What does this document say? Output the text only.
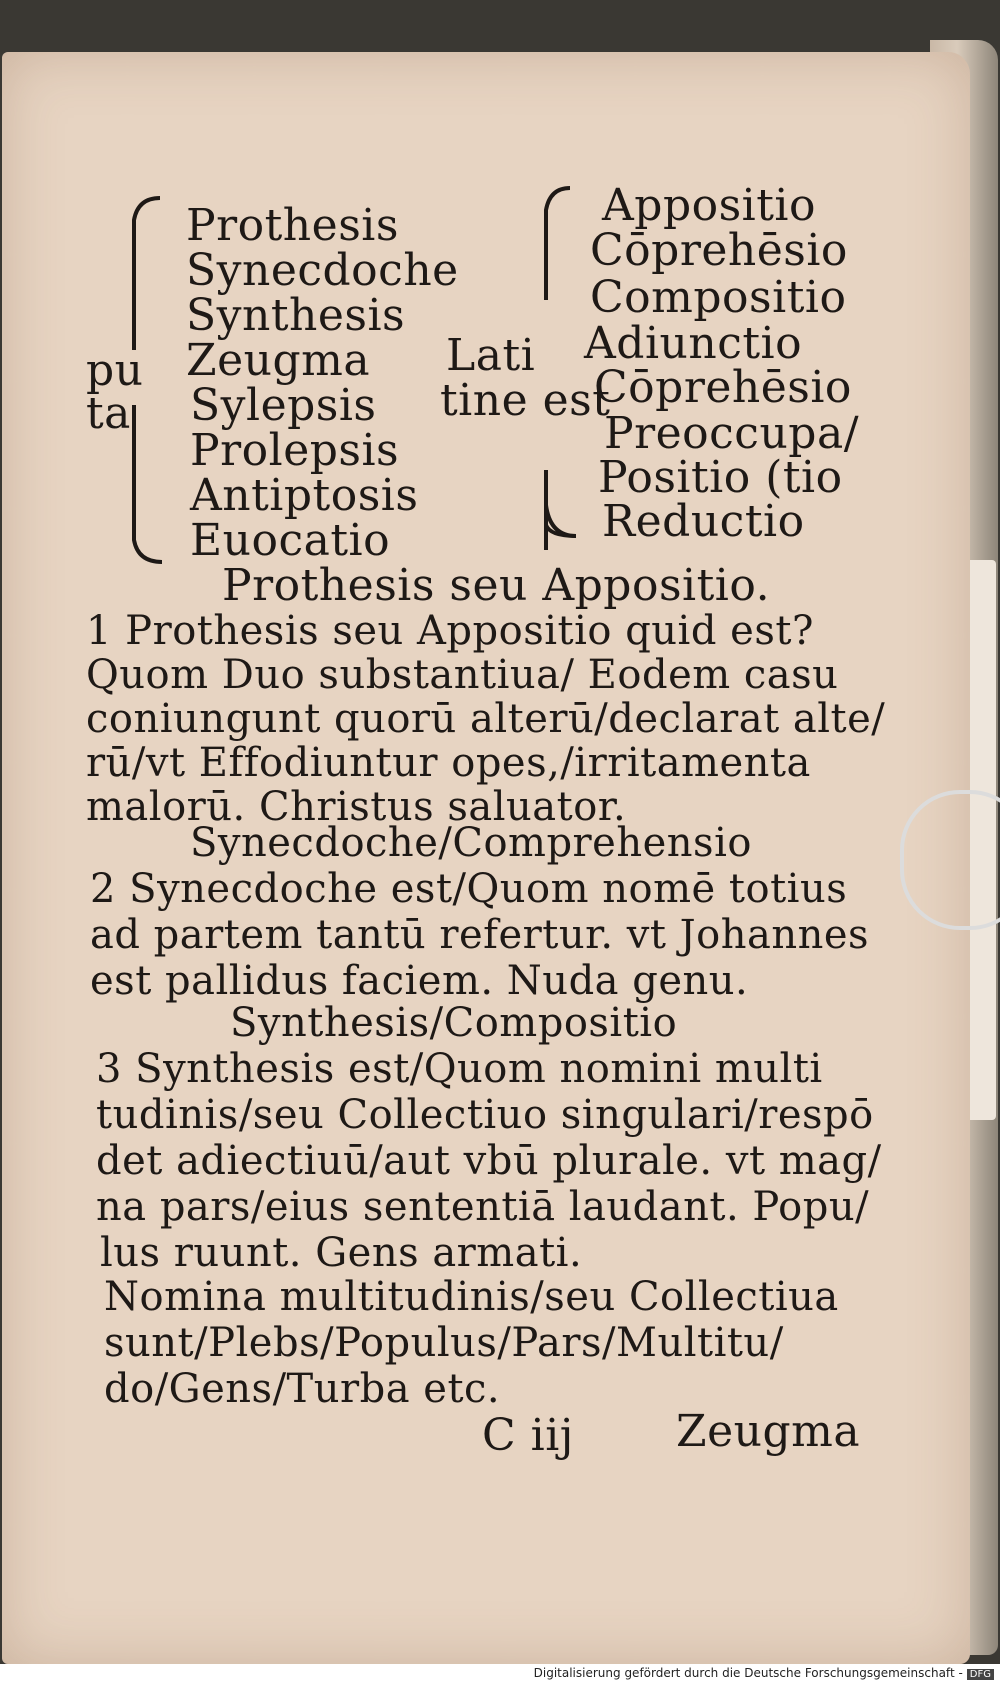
Prothesis
Synecdoche
Synthesis
Zeugma
Sylepsis
Prolepsis
Antiptosis
Euocatio
pu
ta
Lati
tine est
Appositio
Cōprehēsio
Compositio
Adiunctio
Cōprehēsio
Preoccupa/
Positio (tio
Reductio
Prothesis seu Appositio.
1 Prothesis seu Appositio quid est?
Quom Duo substantiua/ Eodem casu
coniungunt quorū alterū/declarat alte/
rū/vt Effodiuntur opes,/irritamenta
malorū. Christus saluator.
Synecdoche/Comprehensio
2 Synecdoche est/Quom nomē totius
ad partem tantū refertur. vt Johannes
est pallidus faciem. Nuda genu.
Synthesis/Compositio
3 Synthesis est/Quom nomini multi
tudinis/seu Collectiuo singulari/respō
det adiectiuū/aut vbū plurale. vt mag/
na pars/eius sententiā laudant. Popu/
lus ruunt. Gens armati.
Nomina multitudinis/seu Collectiua
sunt/Plebs/Populus/Pars/Multitu/
do/Gens/Turba etc.
C iij Zeugma
Digitalisierung gefördert durch die Deutsche Forschungsgemeinschaft - DFG
